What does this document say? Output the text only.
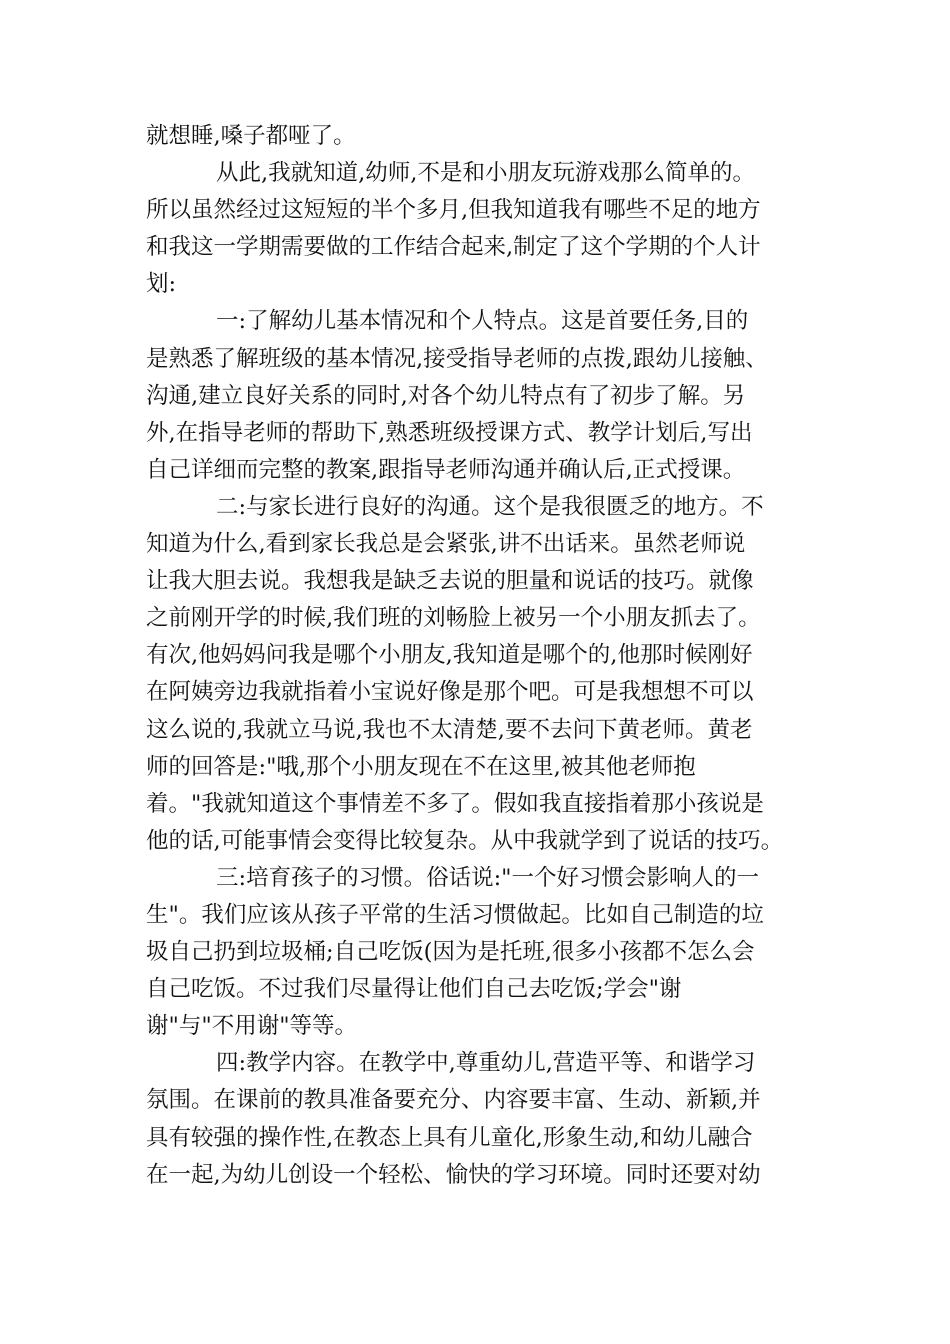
就想睡,嗓子都哑了。
从此,我就知道,幼师,不是和小朋友玩游戏那么简单的。
所以虽然经过这短短的半个多月,但我知道我有哪些不足的地方
和我这一学期需要做的工作结合起来,制定了这个学期的个人计
划:
一:了解幼儿基本情况和个人特点。这是首要任务,目的
是熟悉了解班级的基本情况,接受指导老师的点拨,跟幼儿接触、
沟通,建立良好关系的同时,对各个幼儿特点有了初步了解。另
外,在指导老师的帮助下,熟悉班级授课方式、教学计划后,写出
自己详细而完整的教案,跟指导老师沟通并确认后,正式授课。
二:与家长进行良好的沟通。这个是我很匮乏的地方。不
知道为什么,看到家长我总是会紧张,讲不出话来。虽然老师说
让我大胆去说。我想我是缺乏去说的胆量和说话的技巧。就像
之前刚开学的时候,我们班的刘畅脸上被另一个小朋友抓去了。
有次,他妈妈问我是哪个小朋友,我知道是哪个的,他那时候刚好
在阿姨旁边我就指着小宝说好像是那个吧。可是我想想不可以
这么说的,我就立马说,我也不太清楚,要不去问下黄老师。黄老
师的回答是:"哦,那个小朋友现在不在这里,被其他老师抱
着。"我就知道这个事情差不多了。假如我直接指着那小孩说是
他的话,可能事情会变得比较复杂。从中我就学到了说话的技巧。
三:培育孩子的习惯。俗话说:"一个好习惯会影响人的一
生"。我们应该从孩子平常的生活习惯做起。比如自己制造的垃
圾自己扔到垃圾桶;自己吃饭(因为是托班,很多小孩都不怎么会
自己吃饭。不过我们尽量得让他们自己去吃饭;学会"谢
谢"与"不用谢"等等。
四:教学内容。在教学中,尊重幼儿,营造平等、和谐学习
氛围。在课前的教具准备要充分、内容要丰富、生动、新颖,并
具有较强的操作性,在教态上具有儿童化,形象生动,和幼儿融合
在一起,为幼儿创设一个轻松、愉快的学习环境。同时还要对幼
